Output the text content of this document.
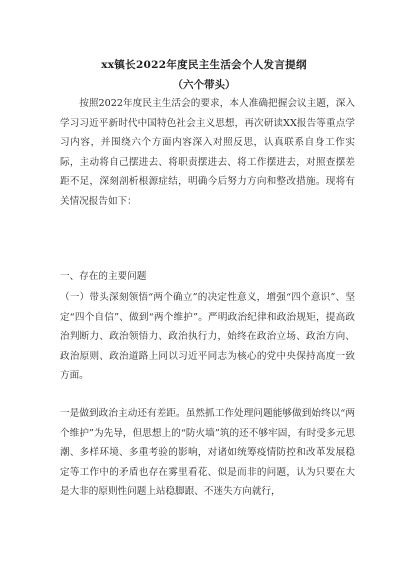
xx镇长2022年度民主生活会个人发言提纲
（六个带头）

按照2022年度民主生活会的要求，本人准确把握会议主题，深入学习习近平新时代中国特色社会主义思想，再次研读XX报告等重点学习内容，并围绕六个方面内容深入对照反思，认真联系自身工作实际，主动将自己摆进去、将职责摆进去、将工作摆进去，对照查摆差距不足，深刻剖析根源症结，明确今后努力方向和整改措施。现将有关情况报告如下：

一、存在的主要问题

（一）带头深刻领悟“两个确立”的决定性意义，增强“四个意识”、坚定“四个自信”、做到“两个维护”。严明政治纪律和政治规矩，提高政治判断力、政治领悟力、政治执行力，始终在政治立场、政治方向、政治原则、政治道路上同以习近平同志为核心的党中央保持高度一致方面。

一是做到政治主动还有差距。虽然抓工作处理问题能够做到始终以“两个维护”为先导，但思想上的“防火墙”筑的还不够牢固，有时受多元思潮、多样环境、多重考验的影响，对诸如统筹疫情防控和改革发展稳定等工作中的矛盾也存在雾里看花、似是而非的问题，认为只要在大是大非的原则性问题上站稳脚跟、不迷失方向就行，
